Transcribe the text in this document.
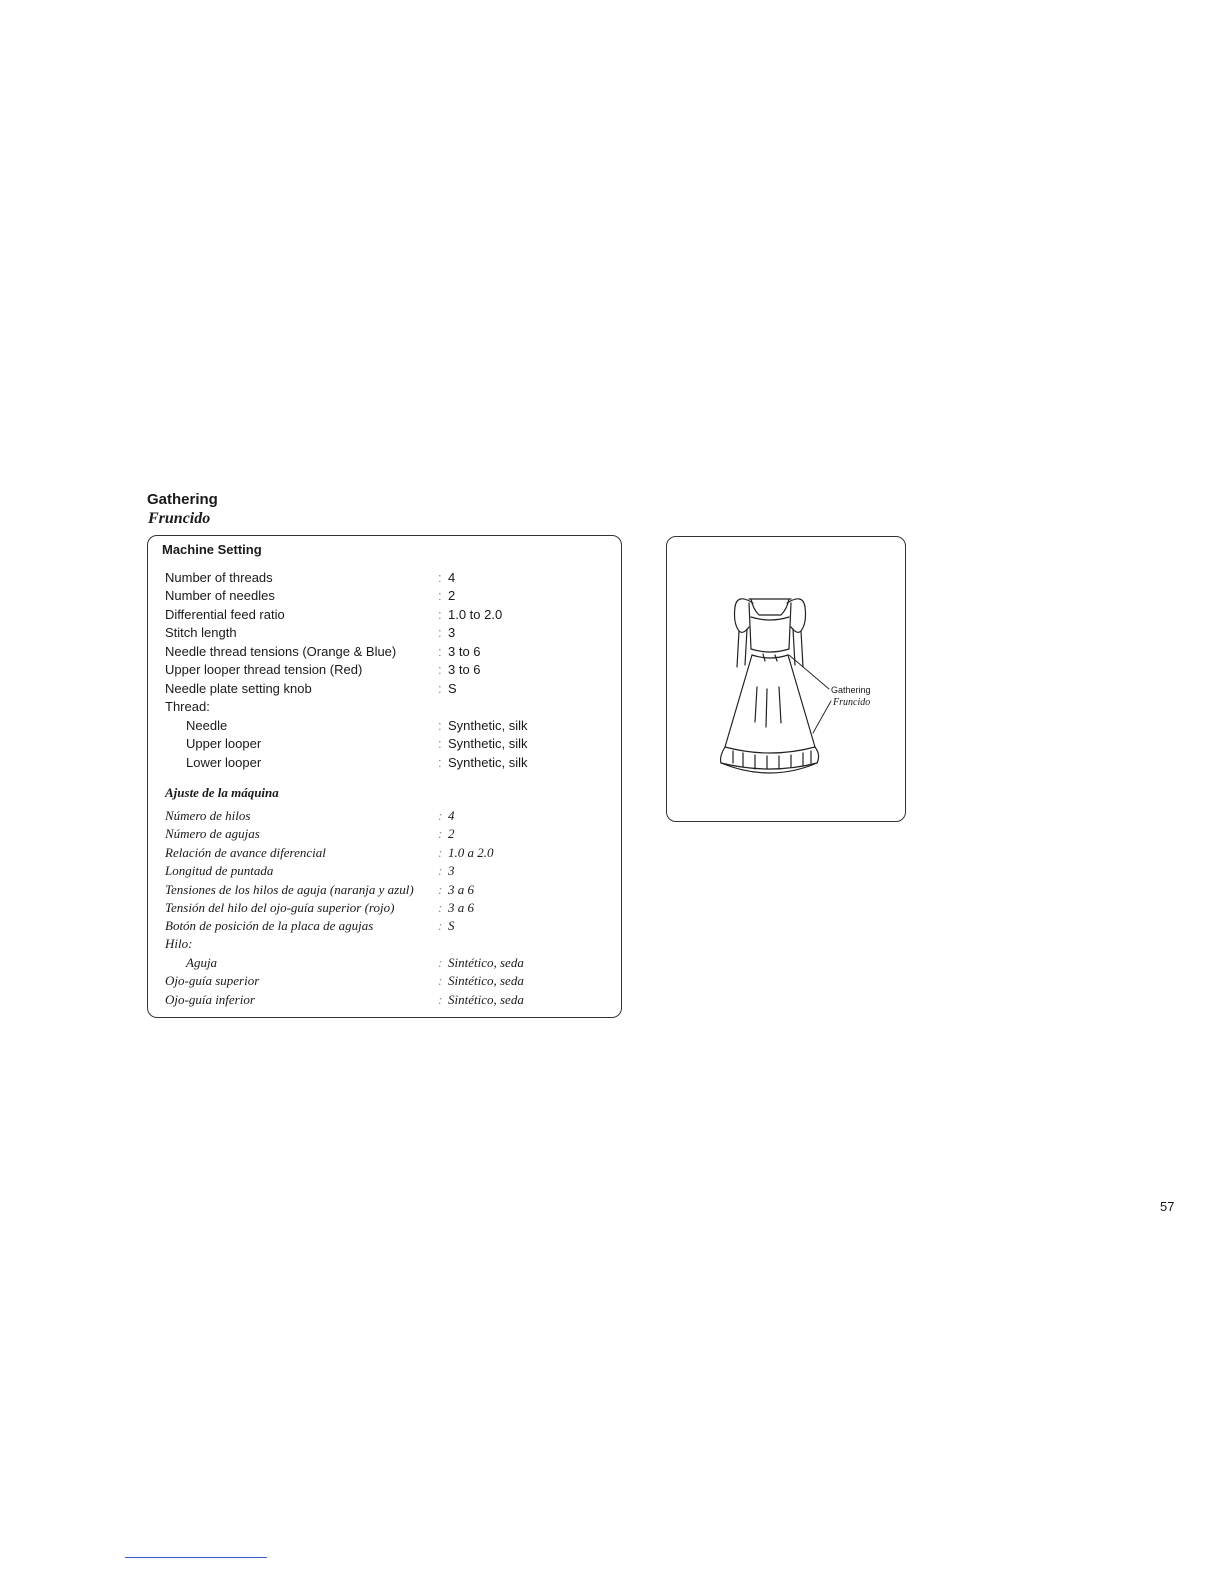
Gathering
Fruncido
Machine Setting
Number of threads	: 4
Number of needles	: 2
Differential feed ratio	: 1.0 to 2.0
Stitch length	: 3
Needle thread tensions (Orange & Blue)	: 3 to 6
Upper looper thread tension (Red)	: 3 to 6
Needle plate setting knob	: S
Thread:
Needle	: Synthetic, silk
Upper looper	: Synthetic, silk
Lower looper	: Synthetic, silk
Ajuste de la máquina
Número de hilos	: 4
Número de agujas	: 2
Relación de avance diferencial	: 1.0 a 2.0
Longitud de puntada	: 3
Tensiones de los hilos de aguja (naranja y azul) : 3 a 6
Tensión del hilo del ojo-guía superior (rojo)	: 3 a 6
Botón de posición de la placa de agujas	: S
Hilo:
Aguja	: Sintético, seda
Ojo-guía superior	: Sintético, seda
Ojo-guía inferior	: Sintético, seda
Gathering
Fruncido
57
